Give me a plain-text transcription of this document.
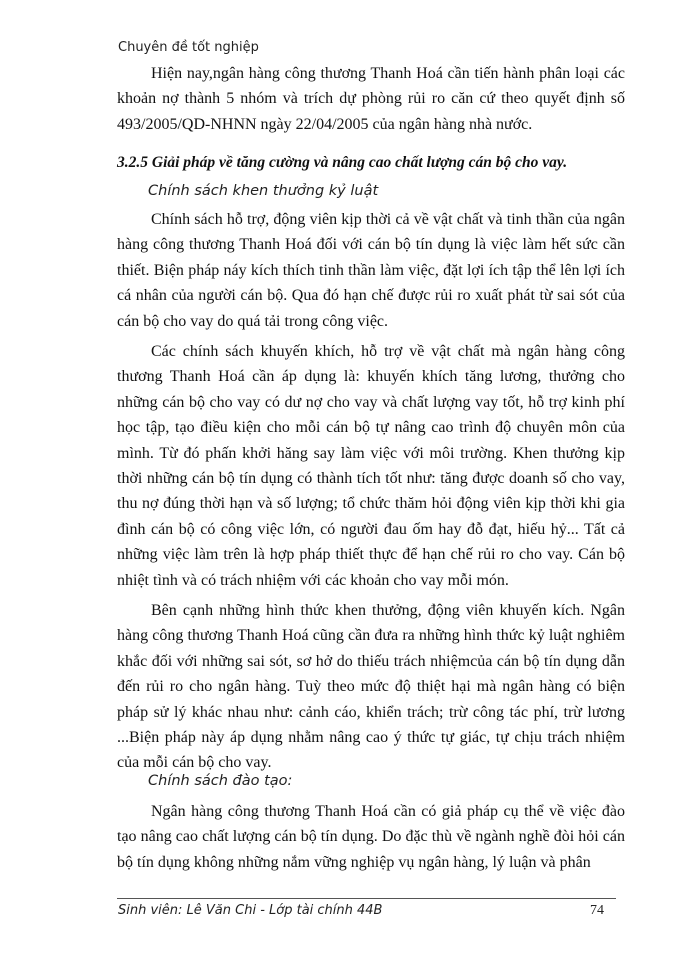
Chuyên đề tốt nghiệp

Hiện nay,ngân hàng công thương Thanh Hoá cần tiến hành phân loại các khoản nợ thành 5 nhóm và trích dự phòng rủi ro căn cứ theo quyết định số 493/2005/QD-NHNN ngày 22/04/2005 của ngân hàng nhà nước.

3.2.5 Giải pháp về tăng cường và nâng cao chất lượng cán bộ cho vay.
Chính sách khen thưởng kỷ luật

Chính sách hỗ trợ, động viên kịp thời cả về vật chất và tinh thần của ngân hàng công thương Thanh Hoá đối với cán bộ tín dụng là việc làm hết sức cần thiết. Biện pháp náy kích thích tinh thần làm việc, đặt lợi ích tập thể lên lợi ích cá nhân của người cán bộ. Qua đó hạn chế được rủi ro xuất phát từ sai sót của cán bộ cho vay do quá tải trong công việc.

Các chính sách khuyến khích, hỗ trợ về vật chất mà ngân hàng công thương Thanh Hoá cần áp dụng là: khuyến khích tăng lương, thưởng cho những cán bộ cho vay có dư nợ cho vay và chất lượng vay tốt, hỗ trợ kinh phí học tập, tạo điều kiện cho mỗi cán bộ tự nâng cao trình độ chuyên môn của mình. Từ đó phấn khởi hăng say làm việc với môi trường. Khen thưởng kịp thời những cán bộ tín dụng có thành tích tốt như: tăng được doanh số cho vay, thu nợ đúng thời hạn và số lượng; tổ chức thăm hỏi động viên kịp thời khi gia đình cán bộ có công việc lớn, có người đau ốm hay đỗ đạt, hiếu hỷ... Tất cả những việc làm trên là hợp pháp thiết thực để hạn chế rủi ro cho vay. Cán bộ nhiệt tình và có trách nhiệm với các khoản cho vay mỗi món.

Bên cạnh những hình thức khen thưởng, động viên khuyến kích. Ngân hàng công thương Thanh Hoá cũng cần đưa ra những hình thức kỷ luật nghiêm khắc đối với những sai sót, sơ hở do thiếu trách nhiệmcủa cán bộ tín dụng dẫn đến rủi ro cho ngân hàng. Tuỳ theo mức độ thiệt hại mà ngân hàng có biện pháp sử lý khác nhau như: cảnh cáo, khiển trách; trừ công tác phí, trừ lương ...Biện pháp này áp dụng nhằm nâng cao ý thức tự giác, tự chịu trách nhiệm của mỗi cán bộ cho vay.

Chính sách đào tạo:

Ngân hàng công thương Thanh Hoá cần có giả pháp cụ thể về việc đào tạo nâng cao chất lượng cán bộ tín dụng. Do đặc thù về ngành nghề đòi hỏi cán bộ tín dụng không những nắm vững nghiệp vụ ngân hàng, lý luận và phân

Sinh viên: Lê Văn Chi - Lớp tài chính 44B	74
